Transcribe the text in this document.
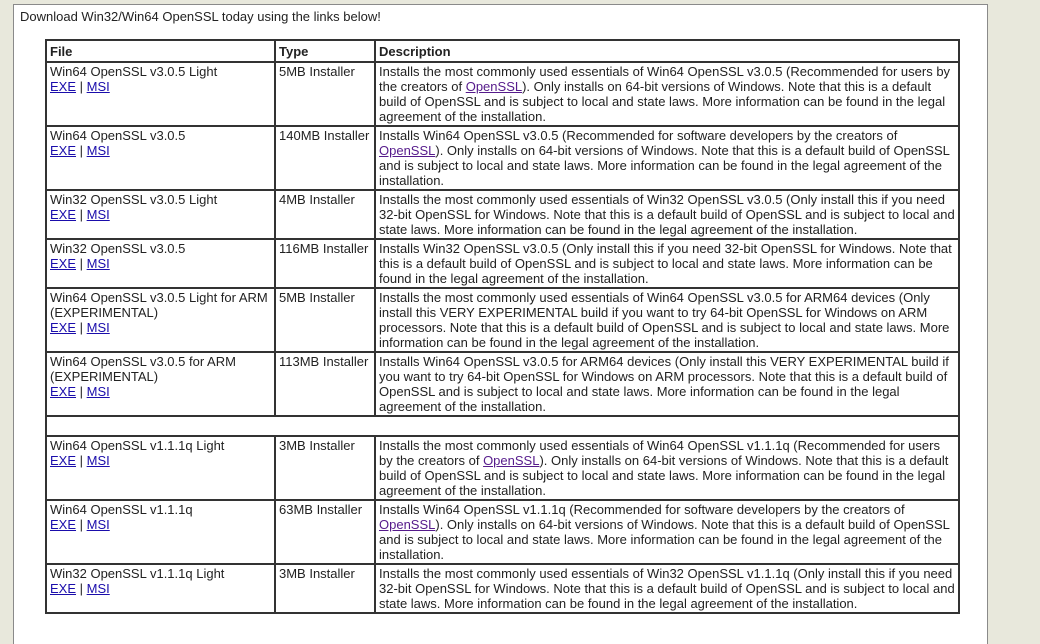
Download Win32/Win64 OpenSSL today using the links below!
File	Type	Description

Win64 OpenSSL v3.0.5 Light
EXE | MSI	5MB Installer	Installs the most commonly used essentials of Win64 OpenSSL v3.0.5 (Recommended for users by the creators of OpenSSL). Only installs on 64-bit versions of Windows. Note that this is a default build of OpenSSL and is subject to local and state laws. More information can be found in the legal agreement of the installation.

Win64 OpenSSL v3.0.5
EXE | MSI	140MB Installer	Installs Win64 OpenSSL v3.0.5 (Recommended for software developers by the creators of OpenSSL). Only installs on 64-bit versions of Windows. Note that this is a default build of OpenSSL and is subject to local and state laws. More information can be found in the legal agreement of the installation.

Win32 OpenSSL v3.0.5 Light
EXE | MSI	4MB Installer	Installs the most commonly used essentials of Win32 OpenSSL v3.0.5 (Only install this if you need 32-bit OpenSSL for Windows. Note that this is a default build of OpenSSL and is subject to local and state laws. More information can be found in the legal agreement of the installation.

Win32 OpenSSL v3.0.5
EXE | MSI	116MB Installer	Installs Win32 OpenSSL v3.0.5 (Only install this if you need 32-bit OpenSSL for Windows. Note that this is a default build of OpenSSL and is subject to local and state laws. More information can be found in the legal agreement of the installation.

Win64 OpenSSL v3.0.5 Light for ARM (EXPERIMENTAL)
EXE | MSI	5MB Installer	Installs the most commonly used essentials of Win64 OpenSSL v3.0.5 for ARM64 devices (Only install this VERY EXPERIMENTAL build if you want to try 64-bit OpenSSL for Windows on ARM processors. Note that this is a default build of OpenSSL and is subject to local and state laws. More information can be found in the legal agreement of the installation.

Win64 OpenSSL v3.0.5 for ARM (EXPERIMENTAL)
EXE | MSI	113MB Installer	Installs Win64 OpenSSL v3.0.5 for ARM64 devices (Only install this VERY EXPERIMENTAL build if you want to try 64-bit OpenSSL for Windows on ARM processors. Note that this is a default build of OpenSSL and is subject to local and state laws. More information can be found in the legal agreement of the installation.

Win64 OpenSSL v1.1.1q Light
EXE | MSI	3MB Installer	Installs the most commonly used essentials of Win64 OpenSSL v1.1.1q (Recommended for users by the creators of OpenSSL). Only installs on 64-bit versions of Windows. Note that this is a default build of OpenSSL and is subject to local and state laws. More information can be found in the legal agreement of the installation.

Win64 OpenSSL v1.1.1q
EXE | MSI	63MB Installer	Installs Win64 OpenSSL v1.1.1q (Recommended for software developers by the creators of OpenSSL). Only installs on 64-bit versions of Windows. Note that this is a default build of OpenSSL and is subject to local and state laws. More information can be found in the legal agreement of the installation.

Win32 OpenSSL v1.1.1q Light
EXE | MSI	3MB Installer	Installs the most commonly used essentials of Win32 OpenSSL v1.1.1q (Only install this if you need 32-bit OpenSSL for Windows. Note that this is a default build of OpenSSL and is subject to local and state laws. More information can be found in the legal agreement of the installation.
